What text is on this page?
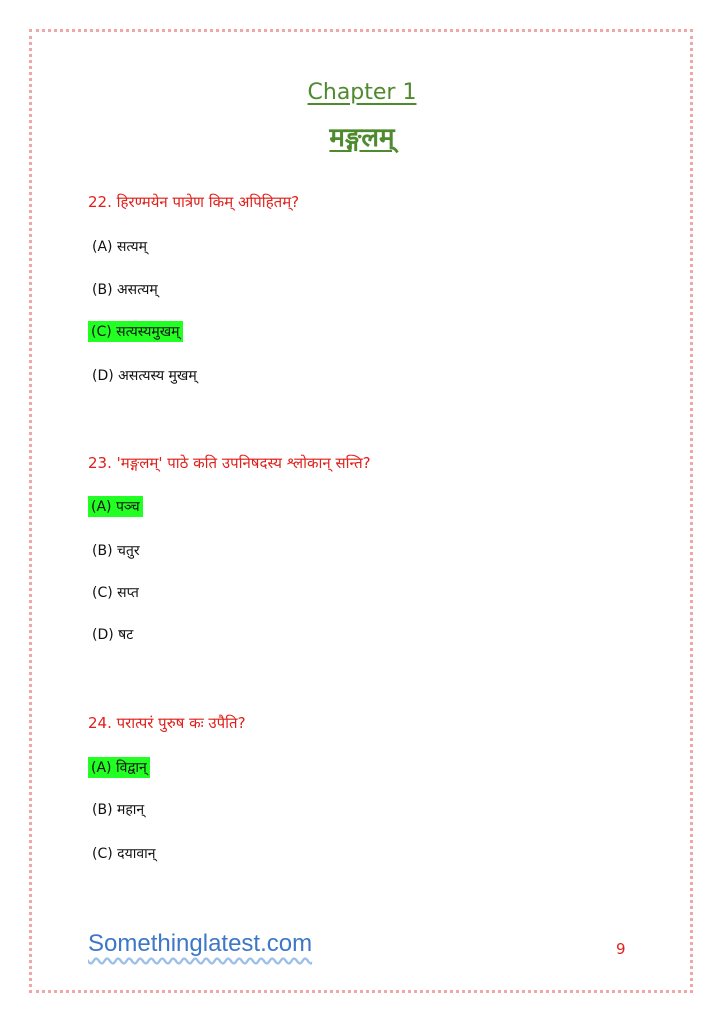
Chapter 1
मङ्गलम्
22. हिरण्मयेन पात्रेण किम् अपिहितम्?
(A) सत्यम्
(B) असत्यम्
(C) सत्यस्यमुखम्
(D) असत्यस्य मुखम्
23. 'मङ्गलम्' पाठे कति उपनिषदस्य श्लोकान् सन्ति?
(A) पञ्च
(B) चतुर
(C) सप्त
(D) षट
24. परात्परं पुरुष कः उपैति?
(A) विद्वान्
(B) महान्
(C) दयावान्
Somethinglatest.com	9
